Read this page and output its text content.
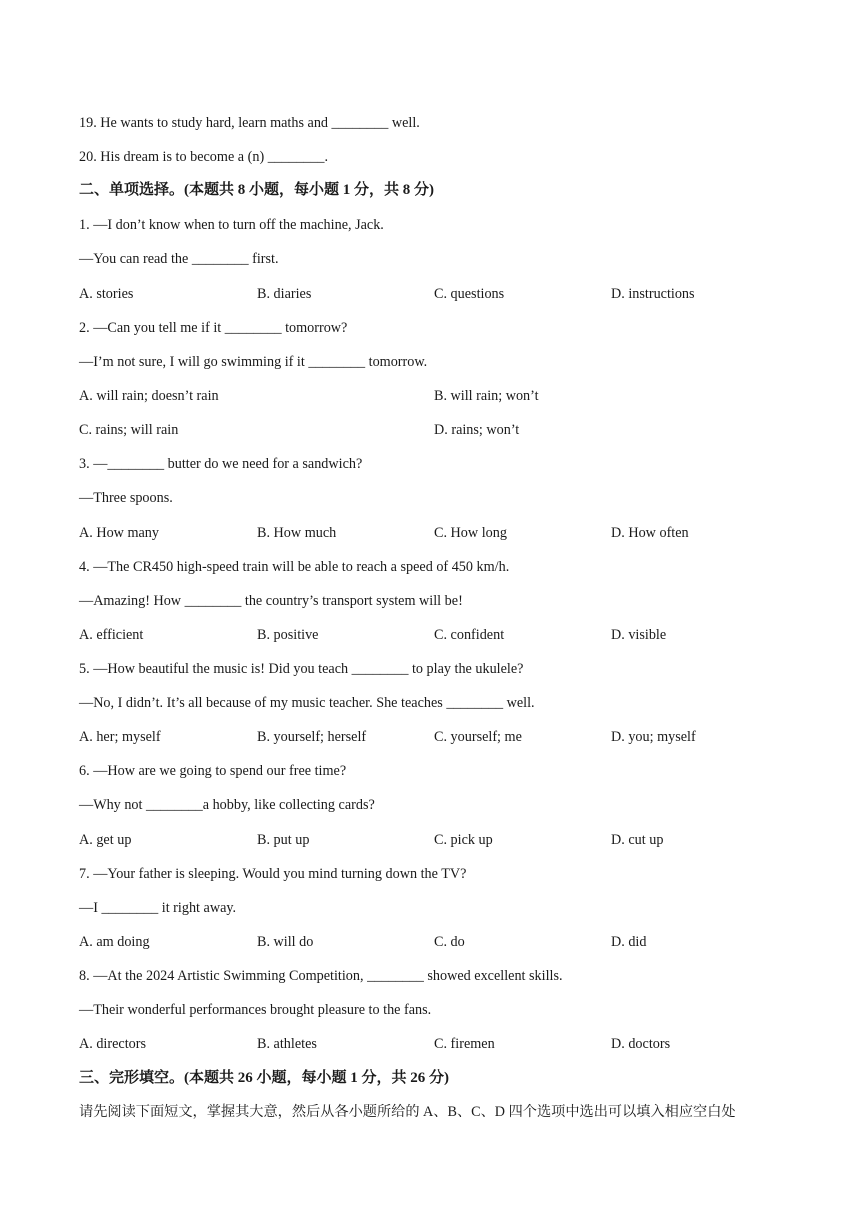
19. He wants to study hard, learn maths and ________ well.
20. His dream is to become a (n) ________.
二、单项选择。(本题共 8 小题，每小题 1 分，共 8 分)
1. —I don’t know when to turn off the machine, Jack.
—You can read the ________ first.
A. stories	B. diaries	C. questions	D. instructions
2. —Can you tell me if it ________ tomorrow?
—I’m not sure, I will go swimming if it ________ tomorrow.
A. will rain; doesn’t rain	B. will rain; won’t
C. rains; will rain	D. rains; won’t
3. —________ butter do we need for a sandwich?
—Three spoons.
A. How many	B. How much	C. How long	D. How often
4. —The CR450 high-speed train will be able to reach a speed of 450 km/h.
—Amazing! How ________ the country’s transport system will be!
A. efficient	B. positive	C. confident	D. visible
5. —How beautiful the music is! Did you teach ________ to play the ukulele?
—No, I didn’t. It’s all because of my music teacher. She teaches ________ well.
A. her; myself	B. yourself; herself	C. yourself; me	D. you; myself
6. —How are we going to spend our free time?
—Why not ________a hobby, like collecting cards?
A. get up	B. put up	C. pick up	D. cut up
7. —Your father is sleeping. Would you mind turning down the TV?
—I ________ it right away.
A. am doing	B. will do	C. do	D. did
8. —At the 2024 Artistic Swimming Competition, ________ showed excellent skills.
—Their wonderful performances brought pleasure to the fans.
A. directors	B. athletes	C. firemen	D. doctors
三、完形填空。(本题共 26 小题，每小题 1 分，共 26 分)
请先阅读下面短文，掌握其大意，然后从各小题所给的 A、B、C、D 四个选项中选出可以填入相应空白处
